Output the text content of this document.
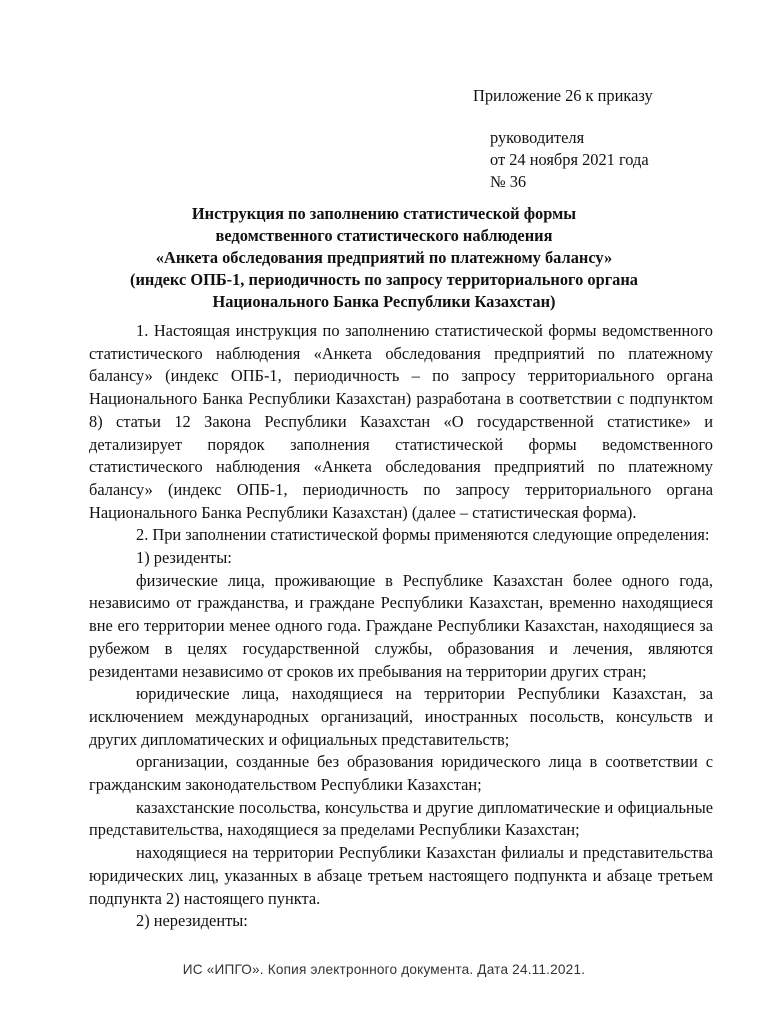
Приложение 26 к приказу
руководителя
от 24 ноября 2021 года
№ 36
Инструкция по заполнению статистической формы
ведомственного статистического наблюдения
«Анкета обследования предприятий по платежному балансу»
(индекс ОПБ-1, периодичность по запросу территориального органа
Национального Банка Республики Казахстан)

1. Настоящая инструкция по заполнению статистической формы ведомственного статистического наблюдения «Анкета обследования предприятий по платежному балансу» (индекс ОПБ-1, периодичность – по запросу территориального органа Национального Банка Республики Казахстан) разработана в соответствии с подпунктом 8) статьи 12 Закона Республики Казахстан «О государственной статистике» и детализирует порядок заполнения статистической формы ведомственного статистического наблюдения «Анкета обследования предприятий по платежному балансу» (индекс ОПБ-1, периодичность по запросу территориального органа Национального Банка Республики Казахстан) (далее – статистическая форма).

2. При заполнении статистической формы применяются следующие определения:

1) резиденты:

физические лица, проживающие в Республике Казахстан более одного года, независимо от гражданства, и граждане Республики Казахстан, временно находящиеся вне его территории менее одного года. Граждане Республики Казахстан, находящиеся за рубежом в целях государственной службы, образования и лечения, являются резидентами независимо от сроков их пребывания на территории других стран;

юридические лица, находящиеся на территории Республики Казахстан, за исключением международных организаций, иностранных посольств, консульств и других дипломатических и официальных представительств;

организации, созданные без образования юридического лица в соответствии с гражданским законодательством Республики Казахстан;

казахстанские посольства, консульства и другие дипломатические и официальные представительства, находящиеся за пределами Республики Казахстан;

находящиеся на территории Республики Казахстан филиалы и представительства юридических лиц, указанных в абзаце третьем настоящего подпункта и абзаце третьем подпункта 2) настоящего пункта.

2) нерезиденты:

ИС «ИПГО». Копия электронного документа. Дата 24.11.2021.
